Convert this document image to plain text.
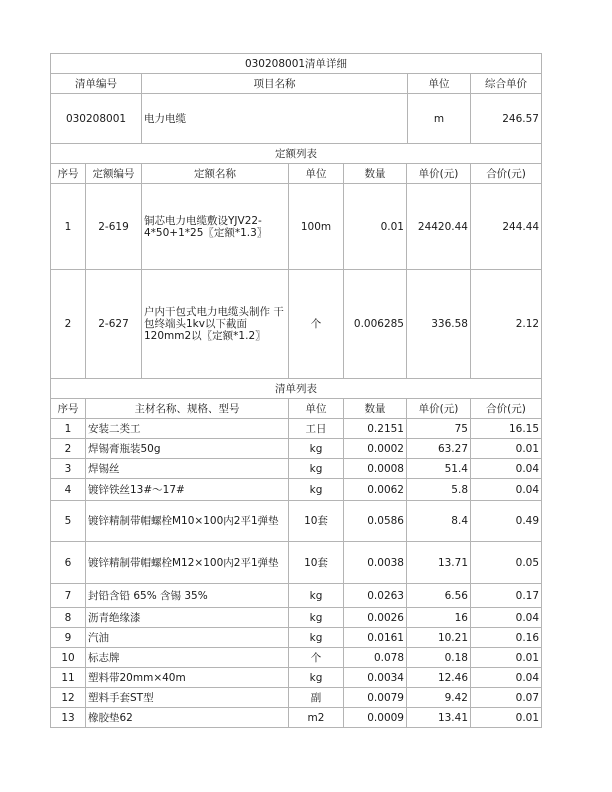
030208001清单详细			
清单编号	项目名称	单位	综合单价
030208001	电力电缆	m	246.57
定额列表						
序号	定额编号	定额名称	单位	数量	单价(元)	合价(元)
1	2-619	铜芯电力电缆敷设YJV22-4*50+1*25〖定额*1.3〗	100m	0.01	24420.44	244.44
2	2-627	户内干包式电力电缆头制作 干包终端头1kv以下截面120mm2以〖定额*1.2〗	个	0.006285	336.58	2.12
清单列表					
序号	主材名称、规格、型号	单位	数量	单价(元)	合价(元)
1	安装二类工	工日	0.2151	75	16.15
2	焊锡膏瓶装50g	kg	0.0002	63.27	0.01
3	焊锡丝	kg	0.0008	51.4	0.04
4	镀锌铁丝13#～17#	kg	0.0062	5.8	0.04
5	镀锌精制带帽螺栓M10×100内2平1弹垫	10套	0.0586	8.4	0.49
6	镀锌精制带帽螺栓M12×100内2平1弹垫	10套	0.0038	13.71	0.05
7	封铅含铅 65% 含锡 35%	kg	0.0263	6.56	0.17
8	沥青绝缘漆	kg	0.0026	16	0.04
9	汽油	kg	0.0161	10.21	0.16
10	标志牌	个	0.078	0.18	0.01
11	塑料带20mm×40m	kg	0.0034	12.46	0.04
12	塑料手套ST型	副	0.0079	9.42	0.07
13	橡胶垫62	m2	0.0009	13.41	0.01
